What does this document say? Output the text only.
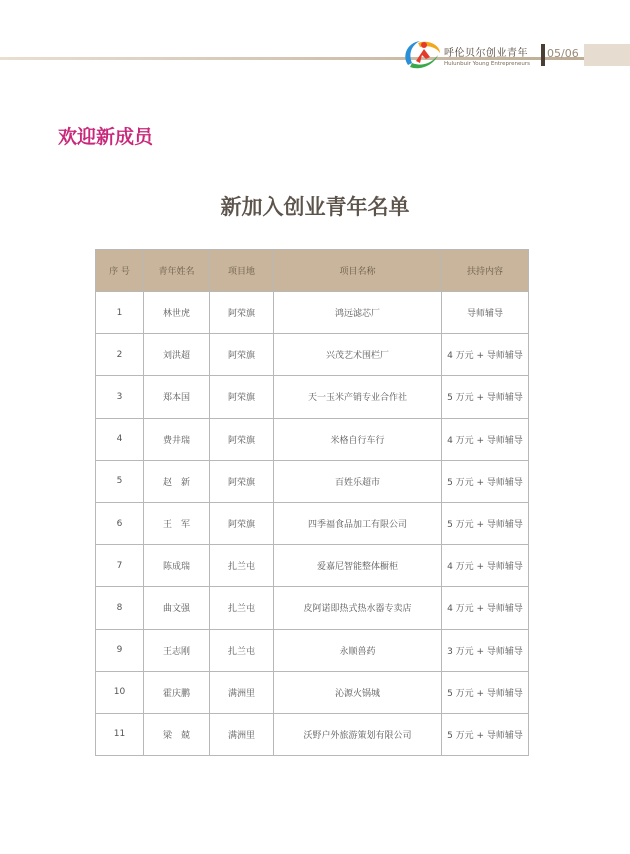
呼伦贝尔创业青年
Hulunbuir Young Entrepreneurs
05/06
欢迎新成员
新加入创业青年名单
序 号	青年姓名	项目地	项目名称	扶持内容
1	林世虎	阿荣旗	鸿远滤芯厂	导师辅导
2	刘洪超	阿荣旗	兴茂艺术围栏厂	4 万元 + 导师辅导
3	郑本国	阿荣旗	天一玉米产销专业合作社	5 万元 + 导师辅导
4	费井瑞	阿荣旗	米格自行车行	4 万元 + 导师辅导
5	赵　新	阿荣旗	百姓乐超市	5 万元 + 导师辅导
6	王　军	阿荣旗	四季福食品加工有限公司	5 万元 + 导师辅导
7	陈成瑞	扎兰屯	爱嘉尼智能整体橱柜	4 万元 + 导师辅导
8	曲文强	扎兰屯	皮阿诺即热式热水器专卖店	4 万元 + 导师辅导
9	王志刚	扎兰屯	永顺兽药	3 万元 + 导师辅导
10	霍庆鹏	满洲里	沁源火锅城	5 万元 + 导师辅导
11	梁　兢	满洲里	沃野户外旅游策划有限公司	5 万元 + 导师辅导
